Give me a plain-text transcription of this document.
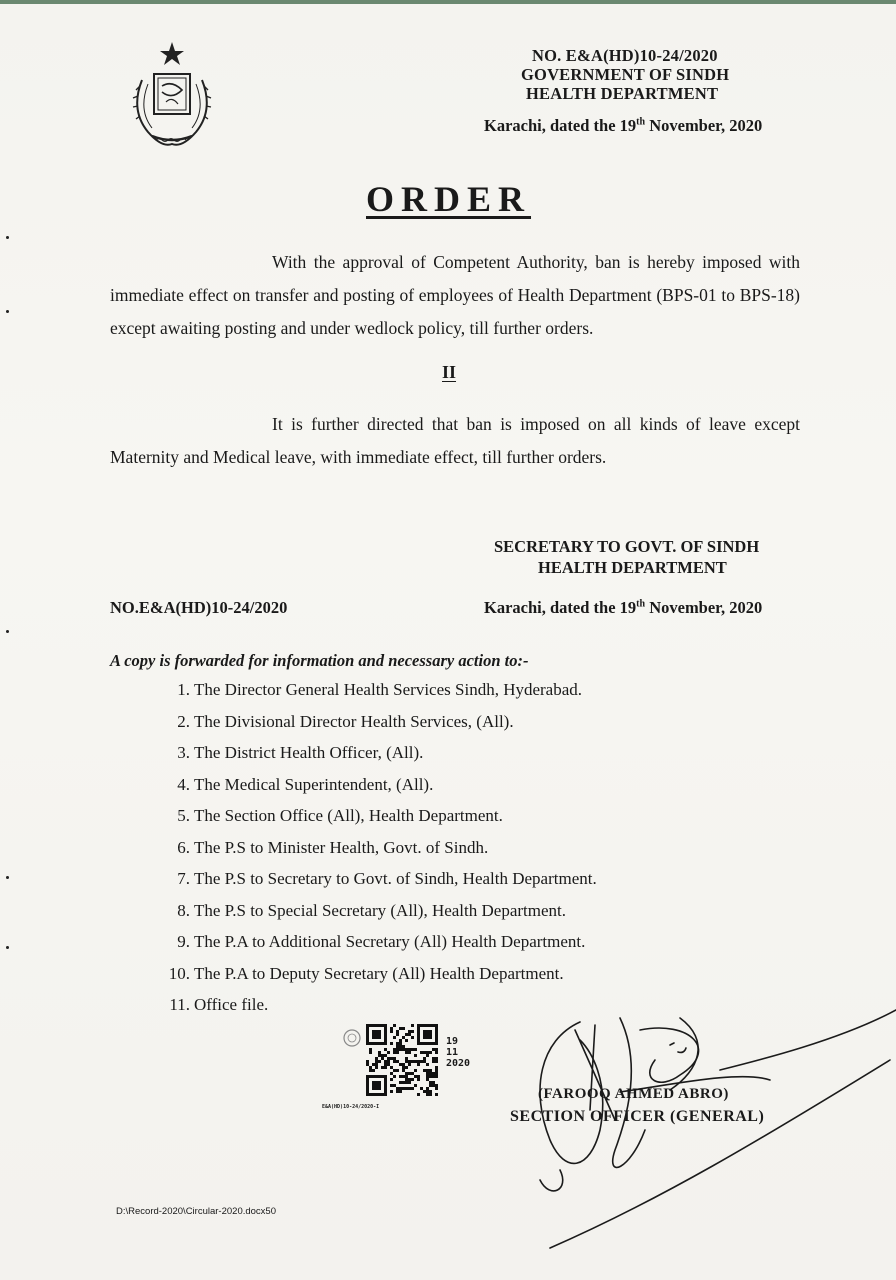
NO. E&A(HD)10-24/2020
GOVERNMENT OF SINDH
HEALTH DEPARTMENT
Karachi, dated the 19th November, 2020
ORDER
With the approval of Competent Authority, ban is hereby imposed with immediate effect on transfer and posting of employees of Health Department (BPS-01 to BPS-18) except awaiting posting and under wedlock policy, till further orders.
II
It is further directed that ban is imposed on all kinds of leave except Maternity and Medical leave, with immediate effect, till further orders.
SECRETARY TO GOVT. OF SINDH
HEALTH DEPARTMENT
NO.E&A(HD)10-24/2020	Karachi, dated the 19th November, 2020
A copy is forwarded for information and necessary action to:-
1. The Director General Health Services Sindh, Hyderabad.
2. The Divisional Director Health Services, (All).
3. The District Health Officer, (All).
4. The Medical Superintendent, (All).
5. The Section Office (All), Health Department.
6. The P.S to Minister Health, Govt. of Sindh.
7. The P.S to Secretary to Govt. of Sindh, Health Department.
8. The P.S to Special Secretary (All), Health Department.
9. The P.A to Additional Secretary (All) Health Department.
10. The P.A to Deputy Secretary (All) Health Department.
11. Office file.
19
11
2020
E&A(HD)10-24/2020-I
(FAROOQ AHMED ABRO)
SECTION OFFICER (GENERAL)
D:\Record-2020\Circular-2020.docx50
